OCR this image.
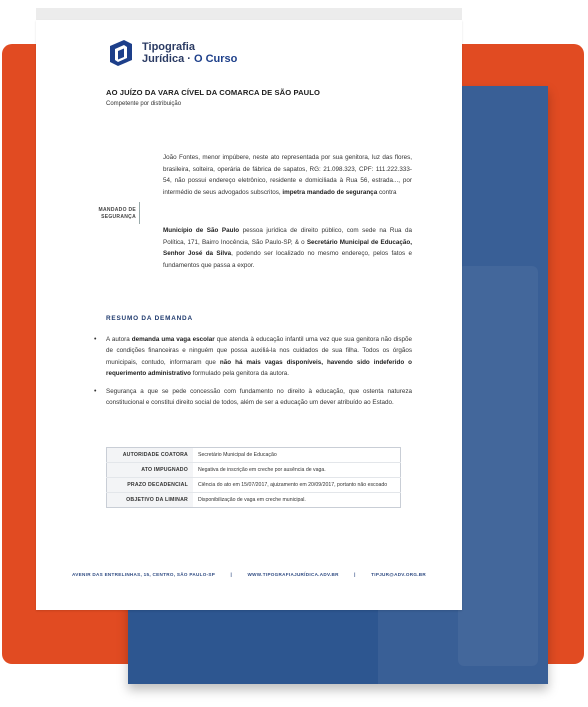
Tipografia
Jurídica · O Curso
AO JUÍZO DA VARA CÍVEL DA COMARCA DE SÃO PAULO
Competente por distribuição
MANDADO DE
SEGURANÇA
João Fontes, menor impúbere, neste ato representada por sua genitora, luz das flores, brasileira, solteira, operária de fábrica de sapatos, RG: 21.098.323, CPF: 111.222.333-54, não possui endereço eletrônico, residente e domiciliada à Rua 56, estrada..., por intermédio de seus advogados subscritos, impetra mandado de segurança contra
Município de São Paulo pessoa jurídica de direito público, com sede na Rua da Política, 171, Bairro Inocência, São Paulo-SP, & o Secretário Municipal de Educação, Senhor José da Silva, podendo ser localizado no mesmo endereço, pelos fatos e fundamentos que passa a expor.
RESUMO DA DEMANDA
• A autora demanda uma vaga escolar que atenda à educação infantil uma vez que sua genitora não dispõe de condições financeiras e ninguém que possa auxiliá-la nos cuidados de sua filha. Todos os órgãos municipais, contudo, informaram que não há mais vagas disponíveis, havendo sido indeferido o requerimento administrativo formulado pela genitora da autora.
• Segurança a que se pede concessão com fundamento no direito à educação, que ostenta natureza constitucional e constitui direito social de todos, além de ser a educação um dever atribuído ao Estado.
AUTORIDADE COATORA	Secretário Municipal de Educação
ATO IMPUGNADO	Negativa de inscrição em creche por ausência de vaga.
PRAZO DECADENCIAL	Ciência do ato em 15/07/2017, ajuizamento em 20/09/2017, portanto não escoado
OBJETIVO DA LIMINAR	Disponibilização de vaga em creche municipal.
AVENIR DAS ENTRELINHAS, 15, CENTRO, SÃO PAULO-SP	|	WWW.TIPOGRAFIAJURÍDICA.ADV.BR	|	TIPJUR@ADV.ORG.BR
